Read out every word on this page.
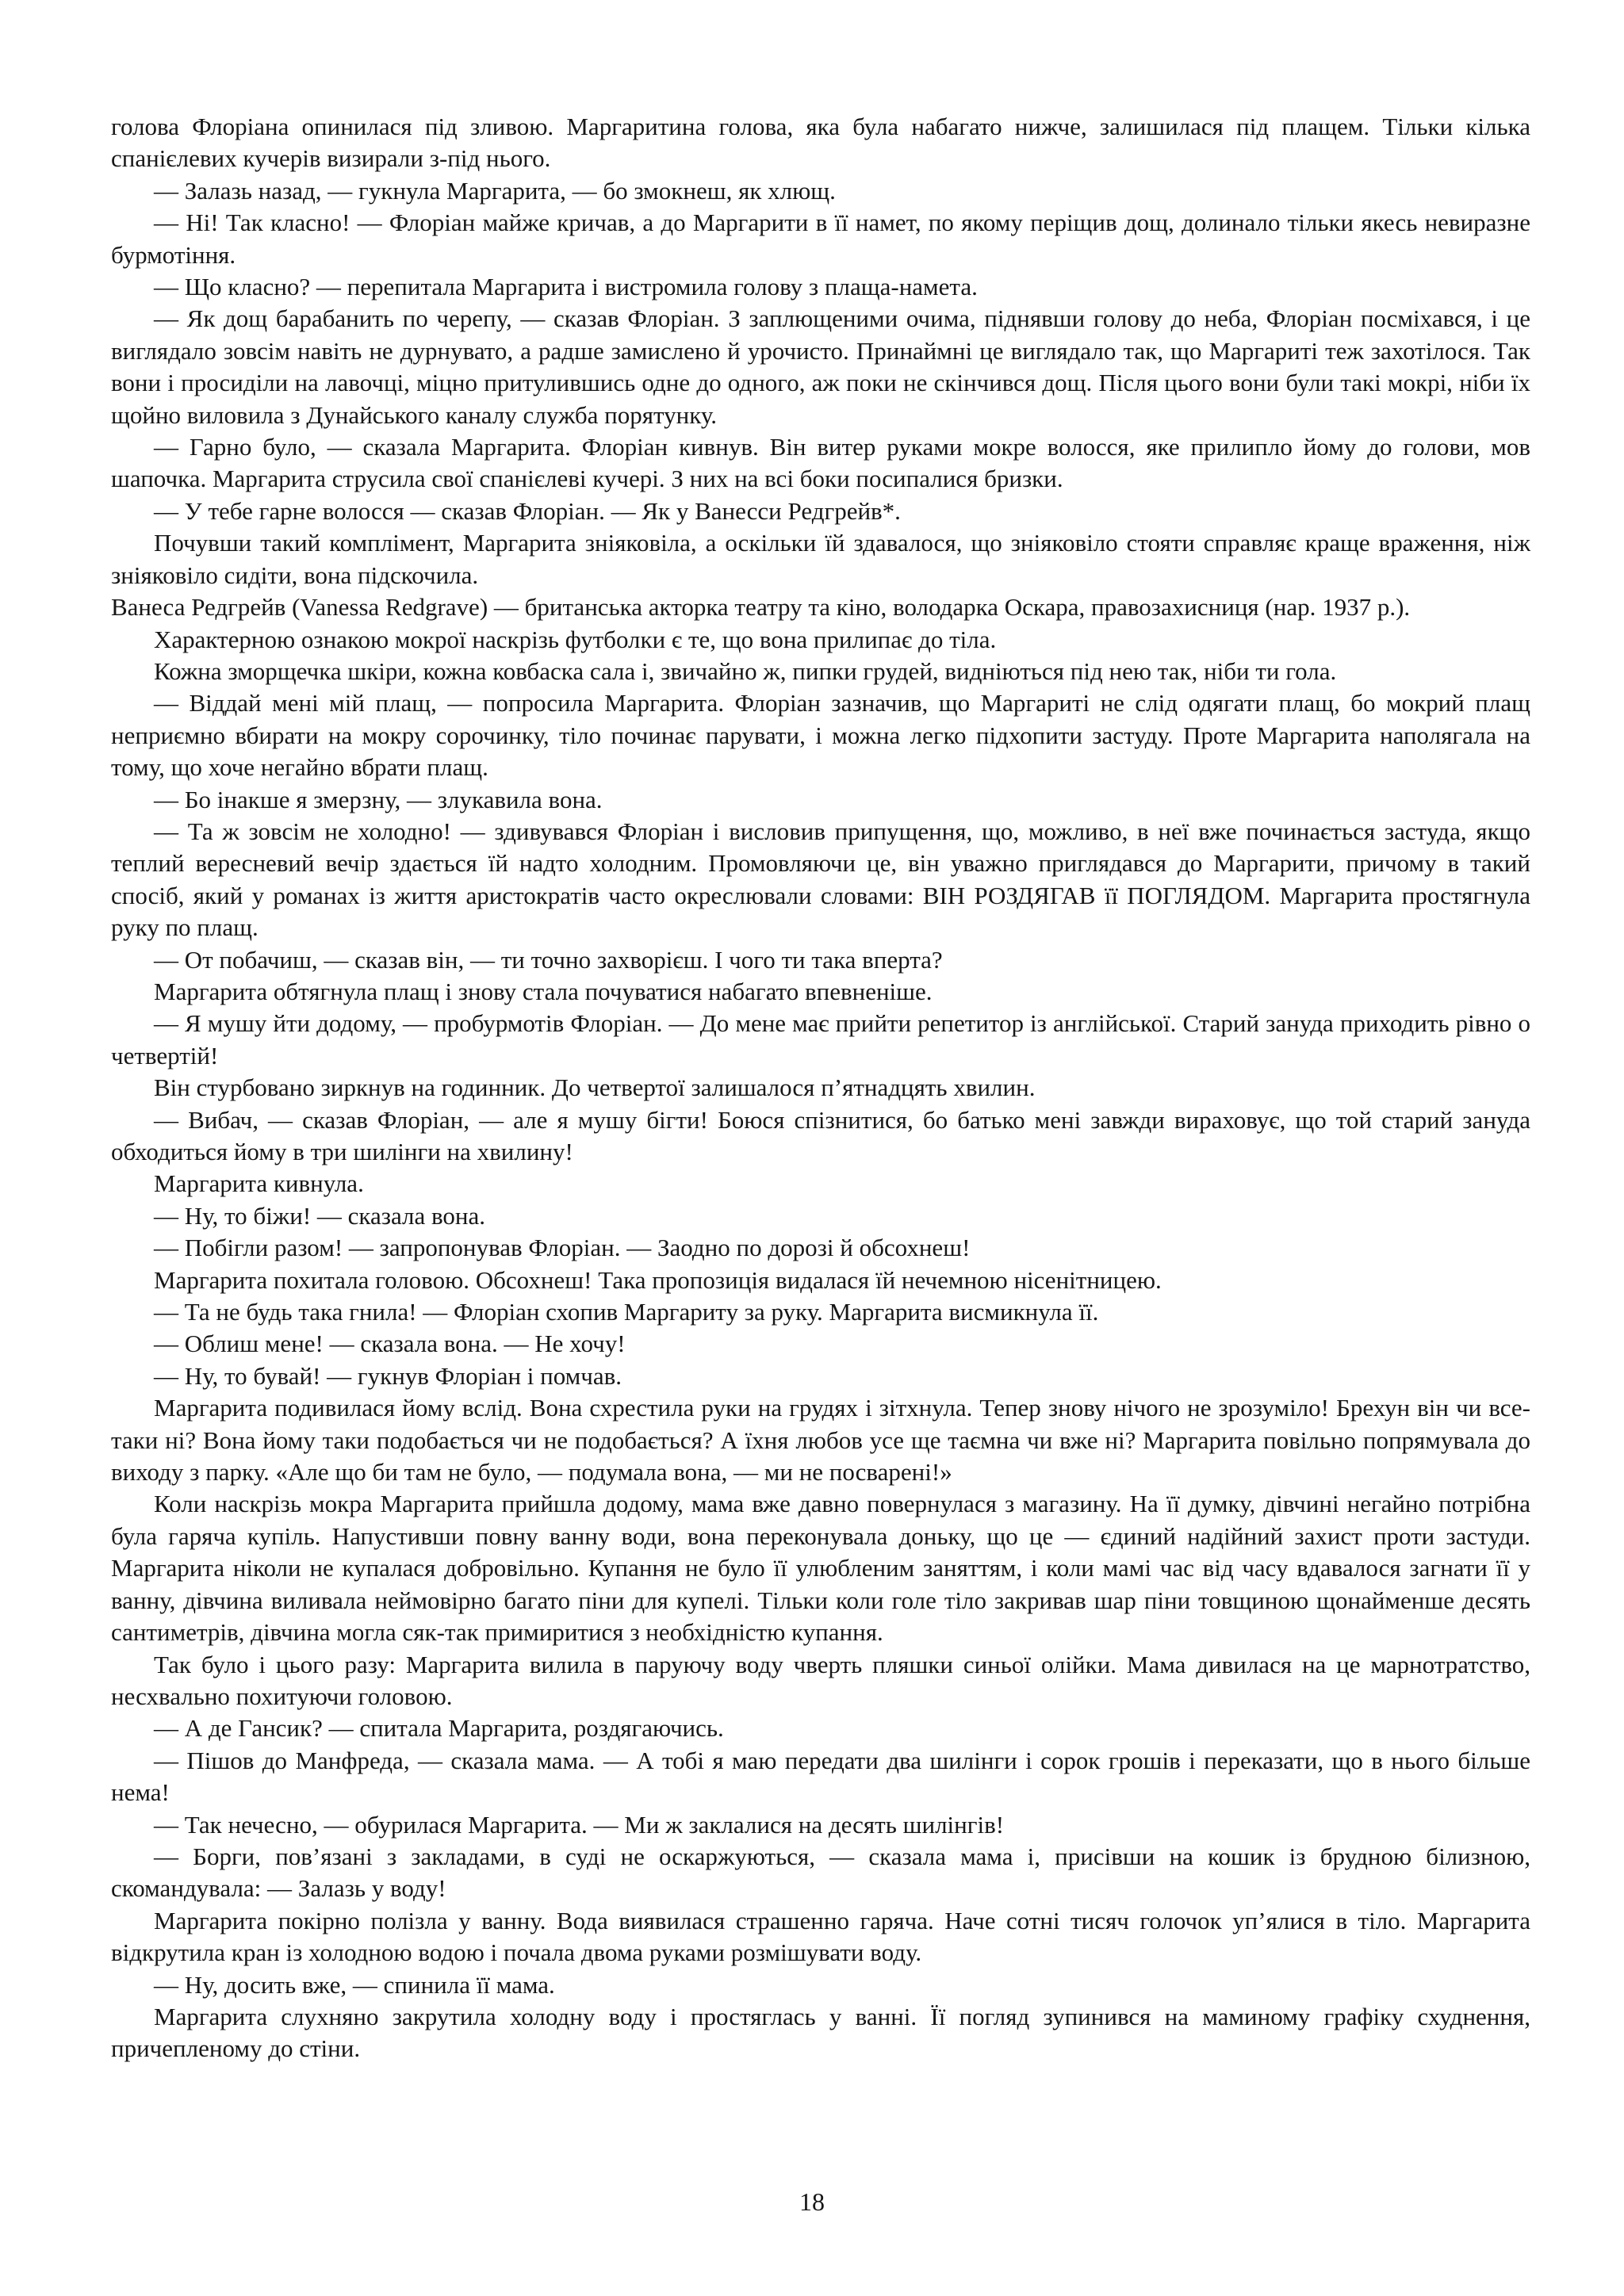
голова Флоріана опинилася під зливою. Маргаритина голова, яка була набагато нижче, залишилася під плащем. Тільки кілька спанієлевих кучерів визирали з-під нього.

— Залазь назад, — гукнула Маргарита, — бо змокнеш, як хлющ.

— Ні! Так класно! — Флоріан майже кричав, а до Маргарити в її намет, по якому періщив дощ, долинало тільки якесь невиразне бурмотіння.

— Що класно? — перепитала Маргарита і вистромила голову з плаща-намета.

— Як дощ барабанить по черепу, — сказав Флоріан. З заплющеними очима, піднявши голову до неба, Флоріан посміхався, і це виглядало зовсім навіть не дурнувато, а радше замислено й урочисто. Принаймні це виглядало так, що Маргариті теж захотілося. Так вони і просиділи на лавочці, міцно притулившись одне до одного, аж поки не скінчився дощ. Після цього вони були такі мокрі, ніби їх щойно виловила з Дунайського каналу служба порятунку.

— Гарно було, — сказала Маргарита. Флоріан кивнув. Він витер руками мокре волосся, яке прилипло йому до голови, мов шапочка. Маргарита струсила свої спанієлеві кучері. З них на всі боки посипалися бризки.

— У тебе гарне волосся — сказав Флоріан. — Як у Ванесси Редгрейв*.

Почувши такий комплімент, Маргарита зніяковіла, а оскільки їй здавалося, що зніяковіло стояти справляє краще враження, ніж зніяковіло сидіти, вона підскочила.

Ванеса Редгрейв (Vanessa Redgrave) — британська акторка театру та кіно, володарка Оскара, правозахисниця (нар. 1937 р.).

Характерною ознакою мокрої наскрізь футболки є те, що вона прилипає до тіла.

Кожна зморщечка шкіри, кожна ковбаска сала і, звичайно ж, пипки грудей, видніються під нею так, ніби ти гола.

— Віддай мені мій плащ, — попросила Маргарита. Флоріан зазначив, що Маргариті не слід одягати плащ, бо мокрий плащ неприємно вбирати на мокру сорочинку, тіло починає парувати, і можна легко підхопити застуду. Проте Маргарита наполягала на тому, що хоче негайно вбрати плащ.

— Бо інакше я змерзну, — злукавила вона.

— Та ж зовсім не холодно! — здивувався Флоріан і висловив припущення, що, можливо, в неї вже починається застуда, якщо теплий вересневий вечір здається їй надто холодним. Промовляючи це, він уважно приглядався до Маргарити, причому в такий спосіб, який у романах із життя аристократів часто окреслювали словами: ВІН РОЗДЯГАВ її ПОГЛЯДОМ. Маргарита простягнула руку по плащ.

— От побачиш, — сказав він, — ти точно захворієш. І чого ти така вперта?

Маргарита обтягнула плащ і знову стала почуватися набагато впевненіше.

— Я мушу йти додому, — пробурмотів Флоріан. — До мене має прийти репетитор із англійської. Старий зануда приходить рівно о четвертій!

Він стурбовано зиркнув на годинник. До четвертої залишалося п’ятнадцять хвилин.

— Вибач, — сказав Флоріан, — але я мушу бігти! Боюся спізнитися, бо батько мені завжди вираховує, що той старий зануда обходиться йому в три шилінги на хвилину!

Маргарита кивнула.

— Ну, то біжи! — сказала вона.

— Побігли разом! — запропонував Флоріан. — Заодно по дорозі й обсохнеш!

Маргарита похитала головою. Обсохнеш! Така пропозиція видалася їй нечемною нісенітницею.

— Та не будь така гнила! — Флоріан схопив Маргариту за руку. Маргарита висмикнула її.

— Облиш мене! — сказала вона. — Не хочу!

— Ну, то бувай! — гукнув Флоріан і помчав.

Маргарита подивилася йому вслід. Вона схрестила руки на грудях і зітхнула. Тепер знову нічого не зрозуміло! Брехун він чи все-таки ні? Вона йому таки подобається чи не подобається? А їхня любов усе ще таємна чи вже ні? Маргарита повільно попрямувала до виходу з парку. «Але що би там не було, — подумала вона, — ми не посварені!»

Коли наскрізь мокра Маргарита прийшла додому, мама вже давно повернулася з магазину. На її думку, дівчині негайно потрібна була гаряча купіль. Напустивши повну ванну води, вона переконувала доньку, що це — єдиний надійний захист проти застуди. Маргарита ніколи не купалася добровільно. Купання не було її улюбленим заняттям, і коли мамі час від часу вдавалося загнати її у ванну, дівчина виливала неймовірно багато піни для купелі. Тільки коли голе тіло закривав шар піни товщиною щонайменше десять сантиметрів, дівчина могла сяк-так примиритися з необхідністю купання.

Так було і цього разу: Маргарита вилила в паруючу воду чверть пляшки синьої олійки. Мама дивилася на це марнотратство, несхвально похитуючи головою.

— А де Гансик? — спитала Маргарита, роздягаючись.

— Пішов до Манфреда, — сказала мама. — А тобі я маю передати два шилінги і сорок грошів і переказати, що в нього більше нема!

— Так нечесно, — обурилася Маргарита. — Ми ж заклалися на десять шилінгів!

— Борги, пов’язані з закладами, в суді не оскаржуються, — сказала мама і, присівши на кошик із брудною білизною, скомандувала: — Залазь у воду!

Маргарита покірно полізла у ванну. Вода виявилася страшенно гаряча. Наче сотні тисяч голочок уп’ялися в тіло. Маргарита відкрутила кран із холодною водою і почала двома руками розмішувати воду.

— Ну, досить вже, — спинила її мама.

Маргарита слухняно закрутила холодну воду і простяглась у ванні. Її погляд зупинився на маминому графіку схуднення, причепленому до стіни.

18
